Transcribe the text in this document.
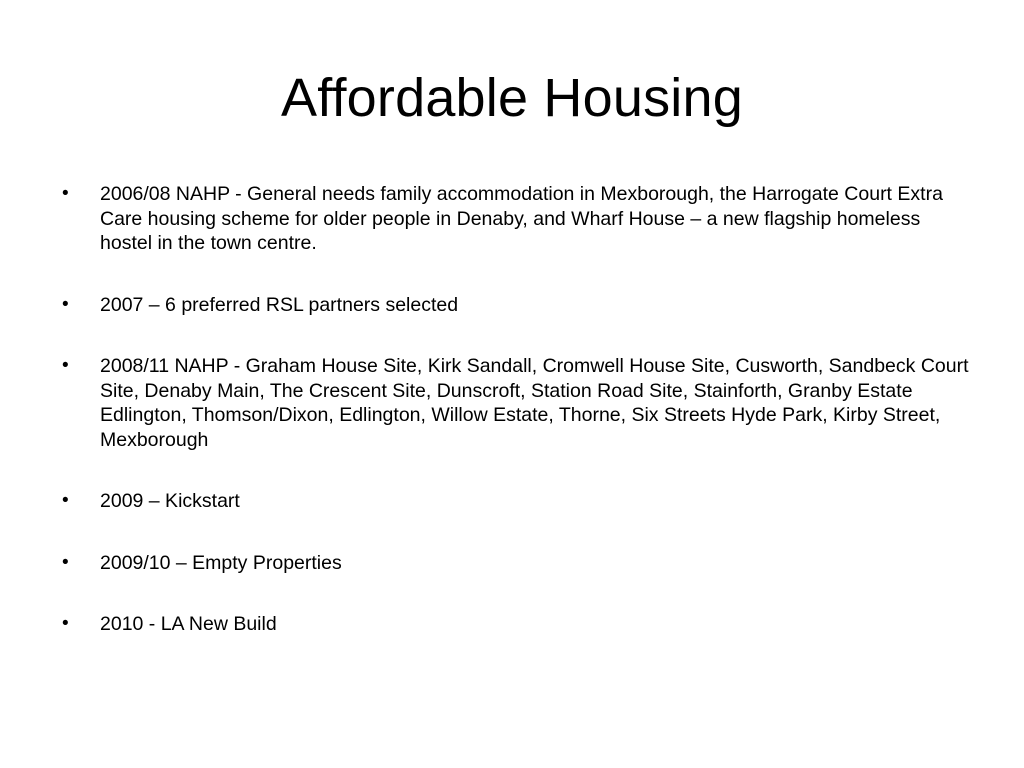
Affordable Housing
•	2006/08 NAHP - General needs family accommodation in Mexborough, the Harrogate Court Extra Care housing scheme for older people in Denaby, and Wharf House – a new flagship homeless hostel in the town centre.
•	2007 – 6 preferred RSL partners selected
•	2008/11 NAHP - Graham House Site, Kirk Sandall, Cromwell House Site, Cusworth, Sandbeck Court Site, Denaby Main, The Crescent Site, Dunscroft, Station Road Site, Stainforth, Granby Estate Edlington, Thomson/Dixon, Edlington, Willow Estate, Thorne, Six Streets Hyde Park, Kirby Street, Mexborough
•	2009 – Kickstart
•	2009/10 – Empty Properties
•	2010 - LA New Build
